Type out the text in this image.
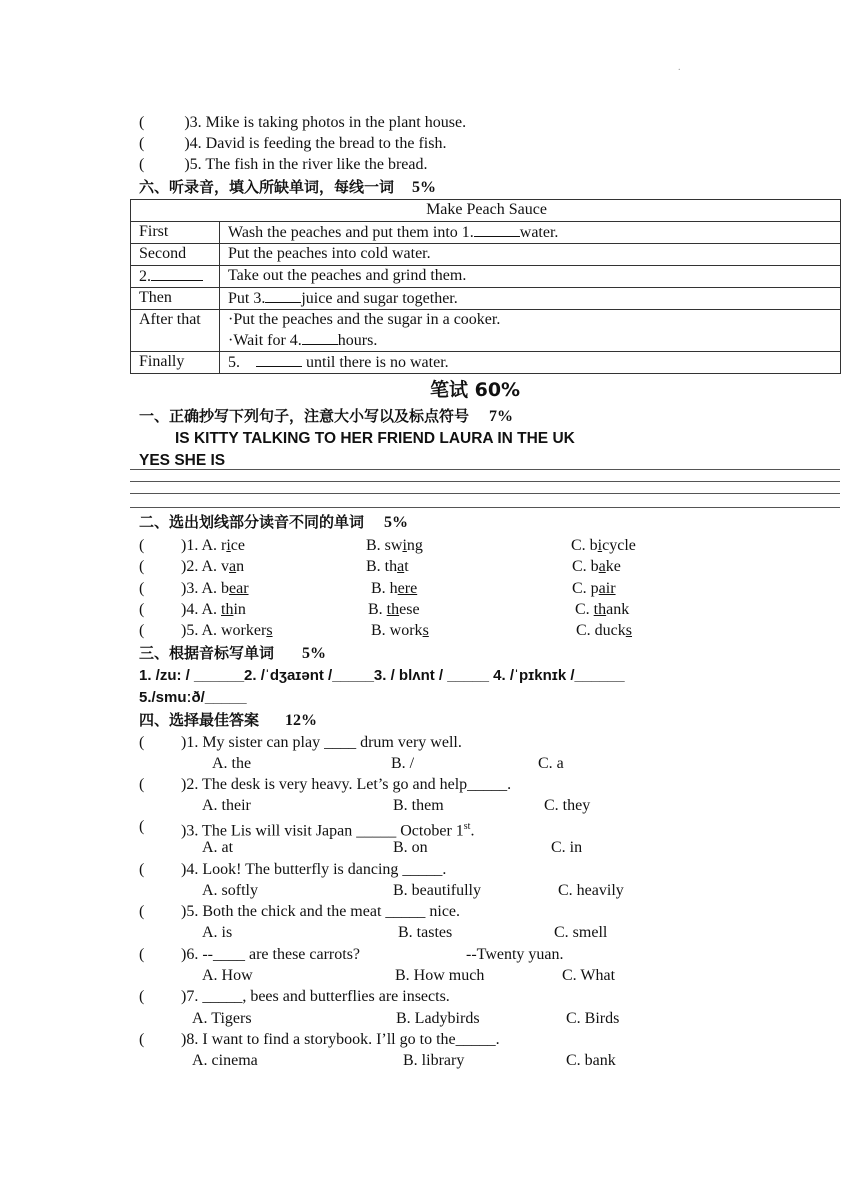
.
(	)3. Mike is taking photos in the plant house.
(	)4. David is feeding the bread to the fish.
(	)5. The fish in the river like the bread.
六、听录音，填入所缺单词，每线一词 5%
Make Peach Sauce	
First	Wash the peaches and put them into 1. water.
Second	Put the peaches into cold water.
2.	Take out the peaches and grind them.
Then	Put 3. juice and sugar together.
After that	·Put the peaches and the sugar in a cooker.
·Wait for 4. hours.

Finally	5. until there is no water.
笔试 60%
一、正确抄写下列句子，注意大小写以及标点符号 7%
IS KITTY TALKING TO HER FRIEND LAURA IN THE UK
YES SHE IS
二、选出划线部分读音不同的单词 5%
( )1. A. rice	B. swing	C. bicycle
( )2. A. van	B. that	C. bake
( )3. A. bear	B. here	C. pair
( )4. A. thin	B. these	C. thank
( )5. A. workers	B. works	C. ducks
三、根据音标写单词 5%
1. /zu: / ______2. /ˈdʒaɪənt /_____3. / blʌnt / _____ 4. /ˈpɪknɪk /______
5./smuːð/_____
四、选择最佳答案 12%
( )1. My sister can play ____ drum very well.
A. the	B. /	C. a
( )2. The desk is very heavy. Let’s go and help_____.
A. their	B. them	C. they
( )3. The Lis will visit Japan _____ October 1st.
A. at	B. on	C. in
( )4. Look! The butterfly is dancing _____.
A. softly	B. beautifully	C. heavily
( )5. Both the chick and the meat _____ nice.
A. is	B. tastes	C. smell
( )6. --____ are these carrots?	--Twenty yuan.
A. How	B. How much	C. What
( )7. _____, bees and butterflies are insects.
A. Tigers	B. Ladybirds	C. Birds
( )8. I want to find a storybook. I’ll go to the_____.
A. cinema	B. library	C. bank
